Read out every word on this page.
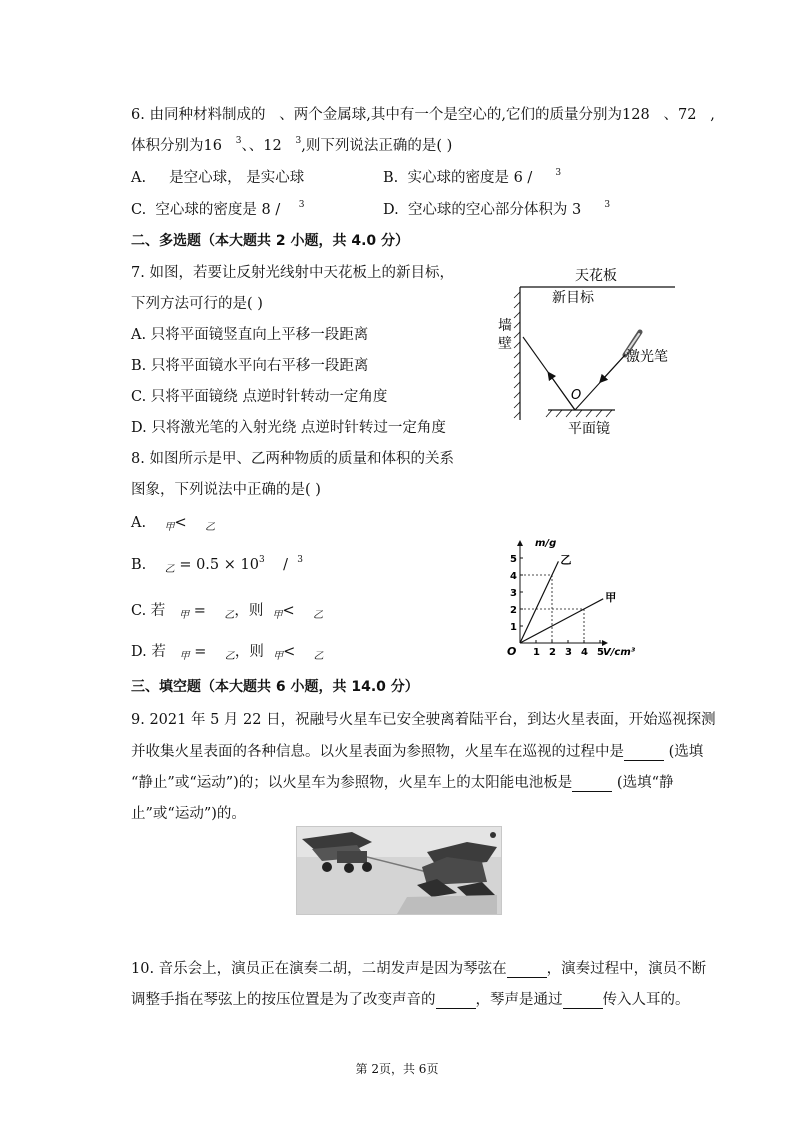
6. 由同种材料制成的 、两个金属球,其中有一个是空心的,它们的质量分别为128 、72 ,
体积分别为16 $^3$、、12 $^3$,则下列说法正确的是( )
A. 是空心球， 是实心球	B. 实心球的密度是 6 /	$^3$
C. 空心球的密度是 8 / $^3$	D. 空心球的空心部分体积为 3	$^3$
二、多选题（本大题共 2 小题，共 4.0 分）
7. 如图，若要让反射光线射中天花板上的新目标，
下列方法可行的是( )
A. 只将平面镜竖直向上平移一段距离
B. 只将平面镜水平向右平移一段距离
C. 只将平面镜绕 点逆时针转动一定角度
D. 只将激光笔的入射光绕 点逆时针转过一定角度
天花板
新目标
墙
壁
激光笔
O
平面镜
8. 如图所示是甲、乙两种物质的质量和体积的关系
图象，下列说法中正确的是( )
A. $_甲$< $_乙$
B. $_乙 = 0.5 \times 10^3 / ^3$
C. 若 $_甲$ = $_乙$，则 $_甲$< $_乙$
D. 若 $_甲$ = $_乙$，则 $_甲$< $_乙$
m/g
V/cm³
O 1 2 3 4 5
1
2
3
4
5	乙
甲
三、填空题（本大题共 6 小题，共 14.0 分）
9. 2021 年 5 月 22 日，祝融号火星车已安全驶离着陆平台，到达火星表面，开始巡视探测
并收集火星表面的各种信息。以火星表面为参照物，火星车在巡视的过程中是	(选填
“静止”或“运动”)的；以火星车为参照物，火星车上的太阳能电池板是	(选填“静
止”或“运动”)的。
10. 音乐会上，演员正在演奏二胡，二胡发声是因为琴弦在	，演奏过程中，演员不断
调整手指在琴弦上的按压位置是为了改变声音的	，琴声是通过	传入人耳的。
第 2页，共 6页
